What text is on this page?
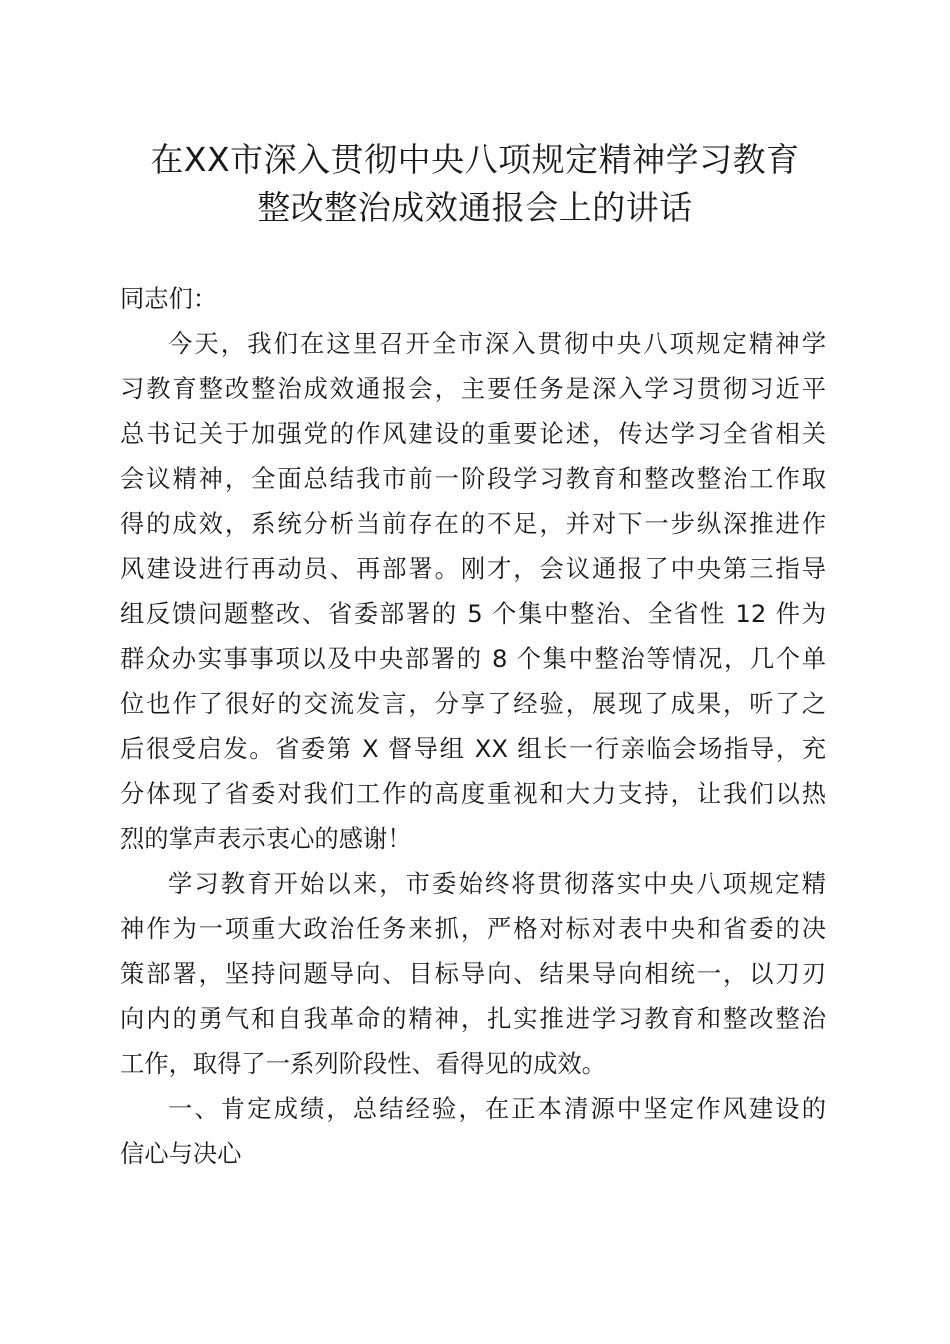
在XX市深入贯彻中央八项规定精神学习教育
整改整治成效通报会上的讲话
同志们：
今天，我们在这里召开全市深入贯彻中央八项规定精神学
习教育整改整治成效通报会，主要任务是深入学习贯彻习近平
总书记关于加强党的作风建设的重要论述，传达学习全省相关
会议精神，全面总结我市前一阶段学习教育和整改整治工作取
得的成效，系统分析当前存在的不足，并对下一步纵深推进作
风建设进行再动员、再部署。刚才，会议通报了中央第三指导
组反馈问题整改、省委部署的 5 个集中整治、全省性 12 件为
群众办实事事项以及中央部署的 8 个集中整治等情况，几个单
位也作了很好的交流发言，分享了经验，展现了成果，听了之
后很受启发。省委第 X 督导组 XX 组长一行亲临会场指导，充
分体现了省委对我们工作的高度重视和大力支持，让我们以热
烈的掌声表示衷心的感谢！
学习教育开始以来，市委始终将贯彻落实中央八项规定精
神作为一项重大政治任务来抓，严格对标对表中央和省委的决
策部署，坚持问题导向、目标导向、结果导向相统一，以刀刃
向内的勇气和自我革命的精神，扎实推进学习教育和整改整治
工作，取得了一系列阶段性、看得见的成效。
一、肯定成绩，总结经验，在正本清源中坚定作风建设的
信心与决心
